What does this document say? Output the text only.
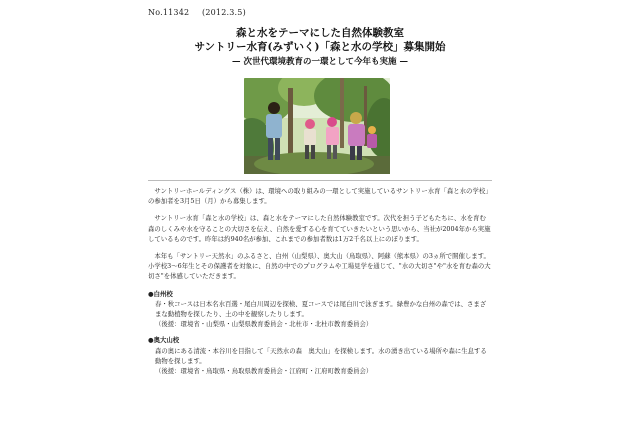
No.11342 (2012.3.5)
森と水をテーマにした自然体験教室
サントリー水育(みずいく)「森と水の学校」募集開始
— 次世代環境教育の一環として今年も実施 —

サントリーホールディングス（株）は、環境への取り組みの一環として実施しているサントリー水育「森と水の学校」の参加者を3月5日（月）から募集します。

サントリー水育「森と水の学校」は、森と水をテーマにした自然体験教室です。次代を担う子どもたちに、水を育む森のしくみや水を守ることの大切さを伝え、自然を愛する心を育てていきたいという思いから、当社が2004年から実施しているものです。昨年は約940名が参加、これまでの参加者数は1万2千名以上にのぼります。

本年も「サントリー天然水」のふるさと、白州（山梨県）、奥大山（鳥取県）、阿蘇（熊本県）の3ヵ所で開催します。小学校3〜6年生とその保護者を対象に、自然の中でのプログラムや工場見学を通じて、"水の大切さ"や"水を育む森の大切さ"を体感していただきます。

●白州校
春・秋コースは日本名水百選・尾白川周辺を探検、夏コースでは尾白川で泳ぎます。緑豊かな白州の森では、さまざまな動植物を探したり、土の中を観察したりします。
（後援：環境省・山梨県・山梨県教育委員会・北杜市・北杜市教育委員会）
●奥大山校
森の奥にある清流・本谷川を目指して「天然水の森　奥大山」を探検します。水の湧き出ている場所や森に生息する動物を探します。
（後援：環境省・鳥取県・鳥取県教育委員会・江府町・江府町教育委員会）
